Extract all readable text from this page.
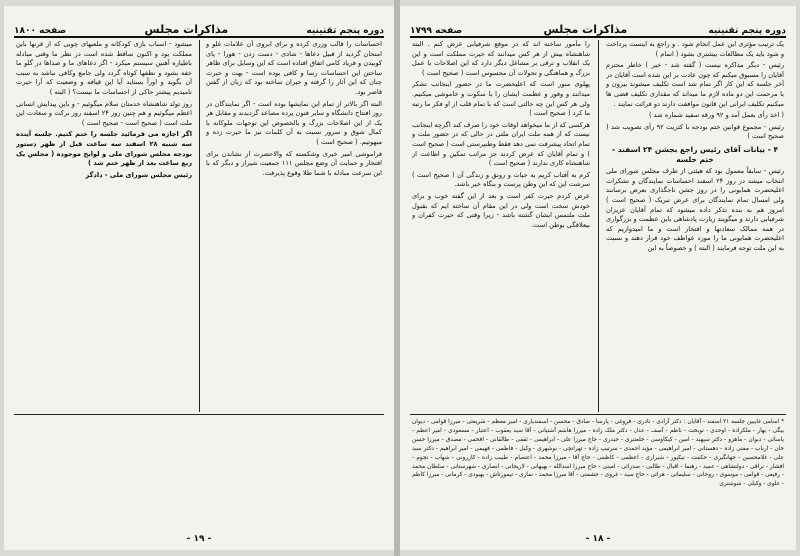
دوره پنجم تقنینیه
مذاکرات مجلس
صفحه ۱۸۰۰

احساسات را قالب وزری کرده و برای ابروی آن علامات غلو و امتحان گردید از قبیل دعاها - شادی - دست زدن - هورا - پای کوبیدن و فریاد کامی اتفاق افتاده است که این وسایل برای ظاهر ساختن این احساسات رسا و کافی بوده است - بهت و حیرت چنان که این آثار را گرفته و حیران ساخته بود که زبان از گفتن قاصر بود.

البته اگر بالاتر از تمام این نمایشها بوده است - اگر نمایندگان در روز افتتاح دانشگاه و سایر فنون پرده مصاعد گردیدند و مقابل هر یک از این اصلاحات بزرگ و بالخصوص این توجهات ملوکانه با کمال شوق و سرور نسبت به آن کلمات نیز ما حیرت زده و مبهوتیم. ( صحیح است )

فراموشی امیر خیری وشکسته که والاحضرت از نشاندن برای افتخار و حمایت آن وضع مجلس ۱۱۱ جمعیت شیراز و دیگر که با این سرعت مبادله با شما طلا وقوع پذیرفت.

میشود - اسباب بازی کودکانه و ملعبهای چوبی که از قرنها باین مملکت بود و اکنون ساقط شده است در نظر ما وقتی مبادله باطیاره آهنین سیستم میکرد - اگر دعاهای ما و صداها در گلو ما خفه بشود و نطقها کوتاه گردد ولی جامع وکافی نباشد به سبب آن بگوید و اوراً بستاید آیا این قیافه و وضعیت که آرا حیرت نامیدیم پیشتر حاکی از احساسات ما نیست؟ ( البته )

روز تولد شاهنشاه خدمتان سلام میگوئیم - و باین پیدایش انسانی اعظم میگوئیم و هم چنین روز ۲۴ اسفند روز برکت و سعادت این ملت است ( صحیح است - صحیح است )

اگر اجازه می فرمائید جلسه را ختم کنیم. جلسه آینده سه شنبه ۲۸ اسفند سه ساعت قبل از ظهر دستور بودجه مجلس شورای ملی و لوایح موجوده ( مجلس یک ربع ساعت بعد از ظهر ختم شد )

رئیس مجلس شورای ملی - دادگر

- ۱۹ -
دوره پنجم تقنینیه
مذاکرات مجلس
صفحه ۱۷۹۹

یک ترتیب مؤثری این عمل انجام شود . و راجع به اینست پرداخت و شود باید یک مطالعات بیشتری بشود ( اتمام )

رئیس - دیگر مذاکره نیست ( گفته شد - خیر ) خاطر محترم آقایان را مسبوق میکنم که چون عادت بر این شده است آقایان در آخر جلسه که این کار اگر تمام شد است تکلیف میشوند بیرون و با مرحمت این دو ماده لازم ما میداند که مقداری تکلیف قضی ها میکنیم تکلیف ایرانی این قانون موافقت دارند دو قرائت نمایند .

( اخذ رأی بعمل آمد و ۹۲ ورقه سفید شماره شد )

رئیس - مجموع قوانین ختم بودجه با کثریت ۹۲ رأی تصویب شد ( صحیح است )

۴ - بیانات آقای رئیس راجع بجشن ۲۴ اسفند - ختم جلسه

رئیس - سابقاً معمول بود که هیئتی از طرف مجلس شورای ملی انتخاب میشد در روز ۲۴ اسفند احساسات نمایندگان و تشکرات اعلیحضرت همایونی را در روز جشن تاجگذاری بعرض برسانند ولی امسال تمام نمایندگان برای عرض تبریک ( صحیح است ) امروز هم به بنده تذکر داده میشود که تمام آقایان عزیزان شرفیابی دارند و میگویند زیارت پادشاهی باین عظمت و بزرگواری در همه ممالک سعادتها و افتخار است و ما امیدواریم که اعلیحضرت همایونی ما را مورد عواطف خود قرار دهند و نسبت به این ملت توجه فرمایند ( البته ) و خصوصاً به این

را مأمور ساخته اند که در موقع شرفیابی عرض کنم . البته شاهنشاه بیش از هر کس میدانند که حیرت مملکت است و این یک انقلاب و ترقی بر مشاغل دیگر دارد که این اصلاحات با عمل بزرگ و هماهنگی و تحولات آن محسوس است ( صحیح است )

پهلوی منور است که اعلیحضرت ما در حضور اینجانب تشکر میدانند و وفور و عظمت ایشان را با سکوت و خاموشی میکنیم. ولی هر کس این چه حالتی است که با تمام قلب از او فکر ما رتبه ما کرد ( صحیح است )

هرکسی که از ما میخواهد اوقات خود را صرف کند اگرچه اینجانب نیست که از همه ملت ایران ملتی در حالی که در حضور ملت و تمام اتحاد پیشرفت نمی دهد فقط وطنپرستی است ( صحیح است ) و تمام آقایان که عرض کردند جز مراتب تمکین و اطاعت از شاهنشاه کاری ندارند ( صحیح است )

کرم به آفتاب کریم به حیات و رونق و زندگی آن ( صحیح است ) سرشت این که این وطن پرست و بنگاه خیر باشد.

عرض کردم حیرت کفر است و بعد از این گفته خوب و برای خودش سخت است ولی در این مقام آن ساخته ایم که بقبول ملت ملتمس ایشان گشته باشد - زیرا وقتی که حیرت کفران و بیعلاقگی بوطن است.

* اسامی غایبین جلسه ۲۱ اسفند - آقایان : دکتر آزادی - نادری - فروغی - پارسا - صادق - محسن - اسفندیاری - امیر معظم - شریعتی - میرزا قوامی - دیوان بیگی - بهار - ملکزاده - اوحدی - نوبخت - ناظم - آصف - عدل - دکتر ملک زاده - میرزا هاشم آشتیانی - آقا سید یعقوب - اعتبار - مسعودی - امیر اعظم - یاسائی - دیوان - ماهرو - دکتر سپهبد - امین - کیکاوسی - خلعتبری - حیدری - حاج میرزا علی - ابراهیمی - ثقفی - طالقانی - افخمی - مصدق - میرزا حسن خان - ارباب - مفتی زاده - دهستانی - امیر ابراهیمی - مؤید احمدی - سرتیپ زاده - تهرانچی - بوشهری - وکیل - فاطمی - فهیمی - امیر ابراهیم - دکتر سید علی - غلامحسین - جهانگیری - حکمت - نیکپور - شیرازی - اعظمی - کاظمی - حاج آقا - میرزا محمد - اعتصام - طبیب زاده - کازرونی - شهاب - نجوم - افشار - نراقی - دولتشاهی - عمید - رهنما - اقبال - طالبی - صدرائی - امینی - حاج میرزا اسدالله - بهبهانی - لاریجانی - انصاری - شهرستانی - سلطان محمد - رفیعی - قوامی - موسوی - روحانی - سلیمانی - هراتی - حاج سید - غروی - حشمتی - آقا میرزا محمد - نمازی - تیمورتاش - بهبودی - کرمانی - میرزا کاظم - علوی - وکیلی - شوشتری
- ۱۸ -
